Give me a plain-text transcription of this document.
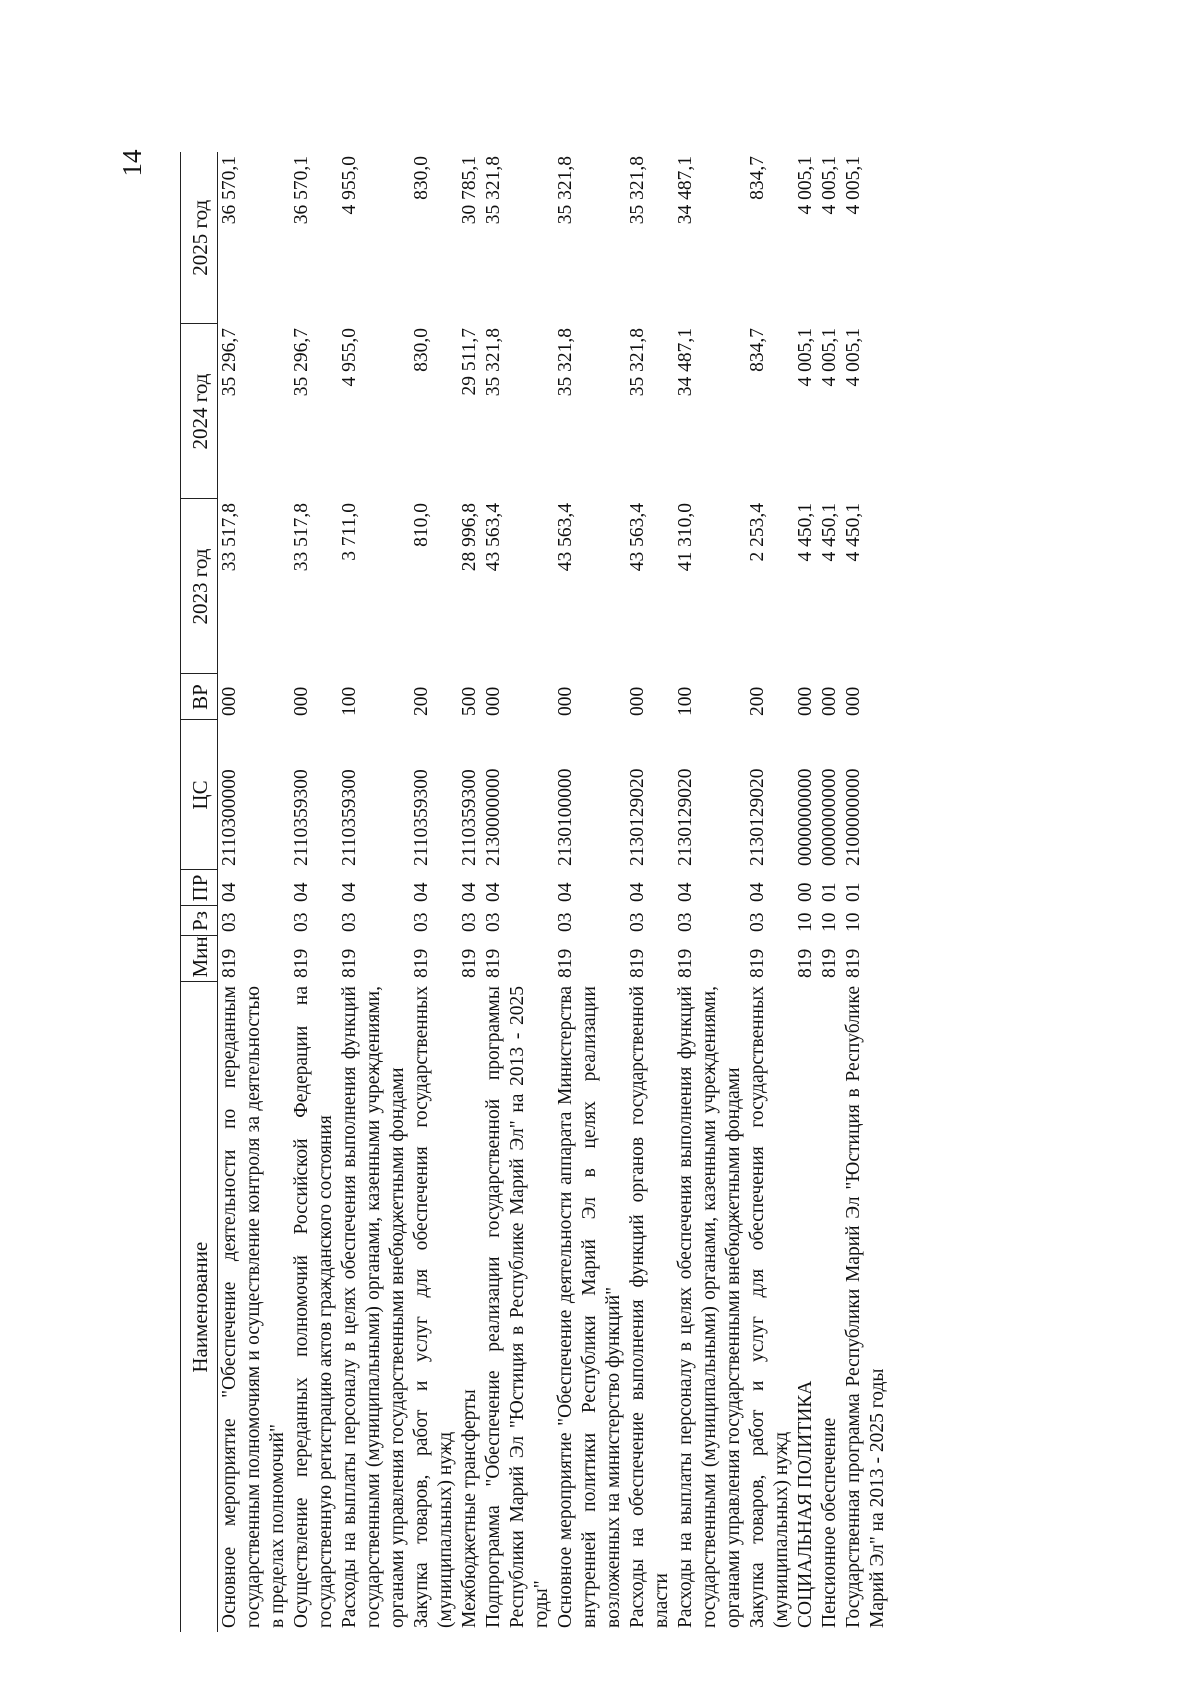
14
Наименование	Мин	Рз	ПР	ЦС	ВР	2023 год	2024 год	2025 год
Основное мероприятие "Обеспечение деятельности по переданным государственным полномочиям и осуществление контроля за деятельностью в пределах полномочий"	819	03	04	2110300000	000	33 517,8	35 296,7	36 570,1
Осуществление переданных полномочий Российской Федерации на государственную регистрацию актов гражданского состояния	819	03	04	2110359300	000	33 517,8	35 296,7	36 570,1
Расходы на выплаты персоналу в целях обеспечения выполнения функций государственными (муниципальными) органами, казенными учреждениями, органами управления государственными внебюджетными фондами	819	03	04	2110359300	100	3 711,0	4 955,0	4 955,0
Закупка товаров, работ и услуг для обеспечения государственных (муниципальных) нужд	819	03	04	2110359300	200	810,0	830,0	830,0
Межбюджетные трансферты	819	03	04	2110359300	500	28 996,8	29 511,7	30 785,1
Подпрограмма "Обеспечение реализации государственной программы Республики Марий Эл "Юстиция в Республике Марий Эл" на 2013 - 2025 годы"	819	03	04	2130000000	000	43 563,4	35 321,8	35 321,8
Основное мероприятие "Обеспечение деятельности аппарата Министерства внутренней политики Республики Марий Эл в целях реализации возложенных на министерство функций"	819	03	04	2130100000	000	43 563,4	35 321,8	35 321,8
Расходы на обеспечение выполнения функций органов государственной власти	819	03	04	2130129020	000	43 563,4	35 321,8	35 321,8
Расходы на выплаты персоналу в целях обеспечения выполнения функций государственными (муниципальными) органами, казенными учреждениями, органами управления государственными внебюджетными фондами	819	03	04	2130129020	100	41 310,0	34 487,1	34 487,1
Закупка товаров, работ и услуг для обеспечения государственных (муниципальных) нужд	819	03	04	2130129020	200	2 253,4	834,7	834,7
СОЦИАЛЬНАЯ ПОЛИТИКА	819	10	00	0000000000	000	4 450,1	4 005,1	4 005,1
Пенсионное обеспечение	819	10	01	0000000000	000	4 450,1	4 005,1	4 005,1
Государственная программа Республики Марий Эл "Юстиция в Республике Марий Эл" на 2013 - 2025 годы	819	10	01	2100000000	000	4 450,1	4 005,1	4 005,1
